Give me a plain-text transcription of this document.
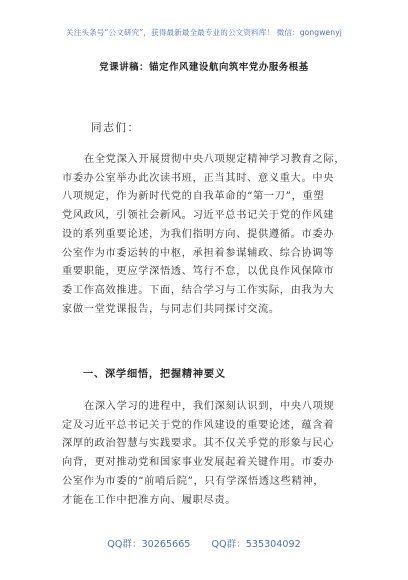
关注头条号“公文研究”，获得最新最全最专业的公文资料库！ 微信：gongwenyj
党课讲稿：锚定作风建设航向筑牢党办服务根基
同志们：
在全党深入开展贯彻中央八项规定精神学习教育之际，
市委办公室举办此次读书班，正当其时、意义重大。中央
八项规定，作为新时代党的自我革命的“第一刀”，重塑
党风政风，引领社会新风。习近平总书记关于党的作风建
设的系列重要论述，为我们指明方向、提供遵循。市委办
公室作为市委运转的中枢，承担着参谋辅政、综合协调等
重要职能，更应学深悟透、笃行不怠，以优良作风保障市
委工作高效推进。下面，结合学习与工作实际，由我为大
家做一堂党课报告，与同志们共同探讨交流。
一、深学细悟，把握精神要义
在深入学习的进程中，我们深刻认识到，中央八项规
定及习近平总书记关于党的作风建设的重要论述，蕴含着
深厚的政治智慧与实践要求。其不仅关乎党的形象与民心
向背，更对推动党和国家事业发展起着关键作用。市委办
公室作为市委的“前哨后院”，只有学深悟透这些精神，
才能在工作中把准方向、履职尽责。
QQ群：30265665 QQ群：535304092
